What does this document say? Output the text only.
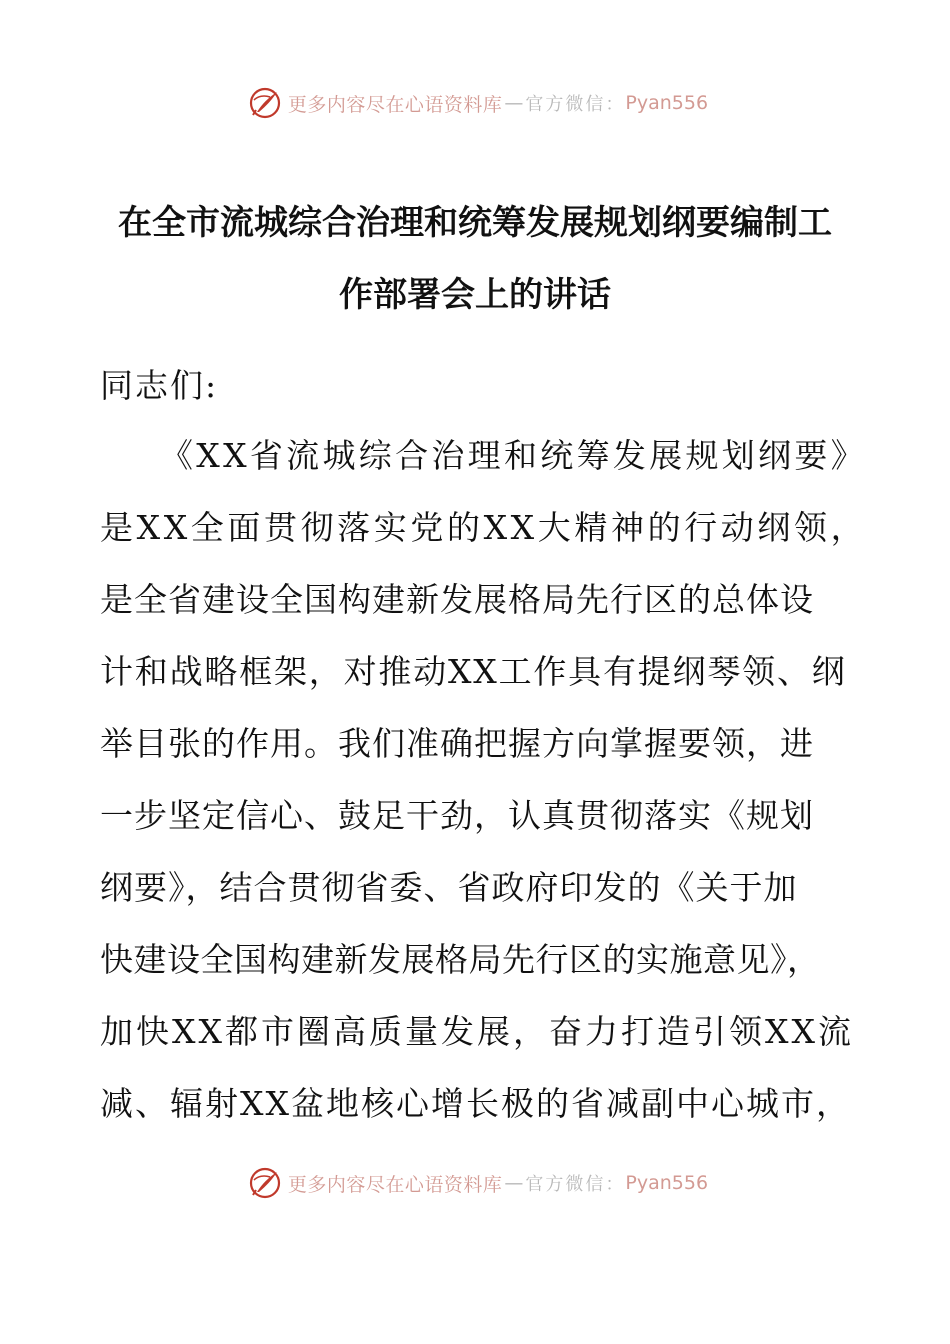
更多内容尽在心语资料库 — 官方微信： Pyan556
在全市流城综合治理和统筹发展规划纲要编制工
作部署会上的讲话
同志们:
《XX省流城综合治理和统筹发展规划纲要》
是XX全面贯彻落实党的XX大精神的行动纲领，
是全省建设全国构建新发展格局先行区的总体设
计和战略框架，对推动XX工作具有提纲琴领、纲
举目张的作用。我们准确把握方向掌握要领，进
一步坚定信心、鼓足干劲，认真贯彻落实《规划
纲要》，结合贯彻省委、省政府印发的《关于加
快建设全国构建新发展格局先行区的实施意见》，
加快XX都市圈高质量发展，奋力打造引领XX流
减、辐射XX盆地核心增长极的省减副中心城市，
更多内容尽在心语资料库 — 官方微信： Pyan556
